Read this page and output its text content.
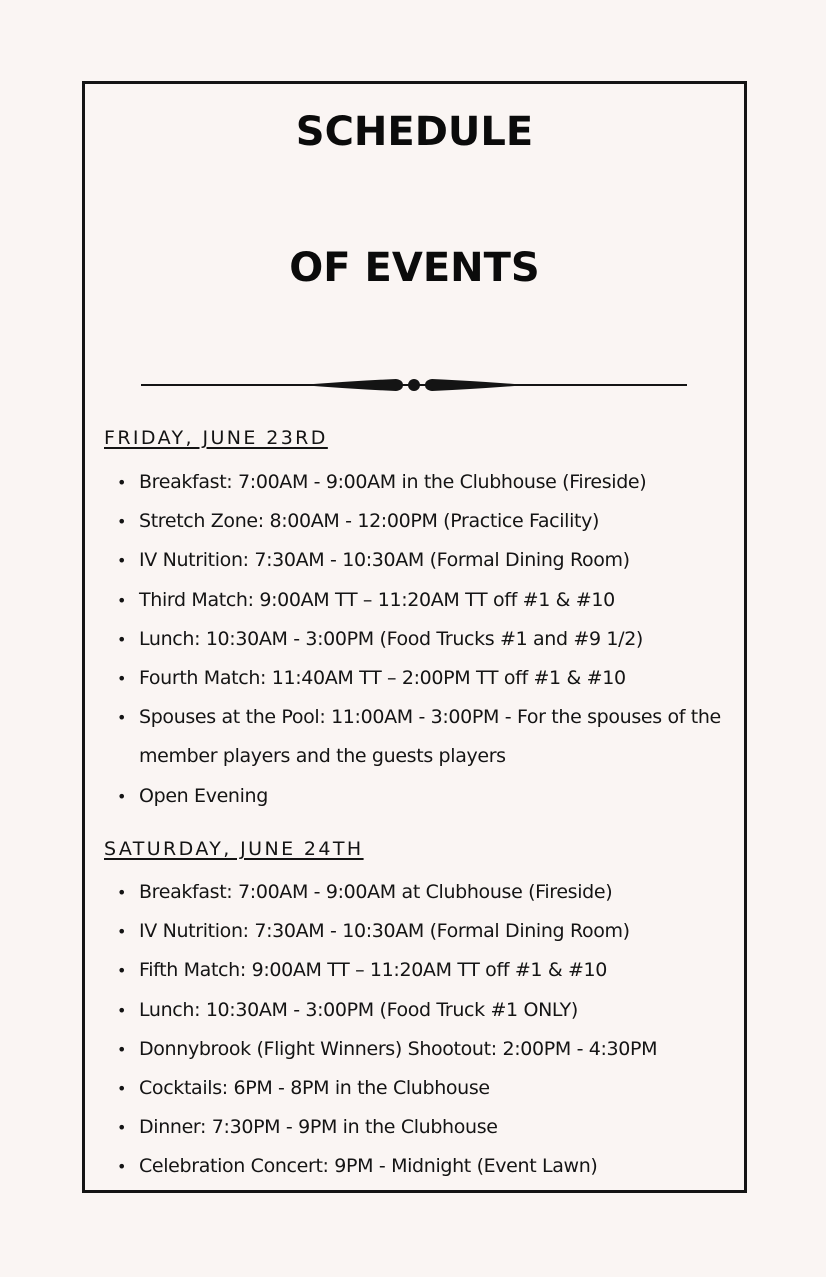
SCHEDULE
OF EVENTS
FRIDAY, JUNE 23RD
• Breakfast: 7:00AM - 9:00AM in the Clubhouse (Fireside)
• Stretch Zone: 8:00AM - 12:00PM (Practice Facility)
• IV Nutrition: 7:30AM - 10:30AM (Formal Dining Room)
• Third Match: 9:00AM TT – 11:20AM TT off #1 & #10
• Lunch: 10:30AM - 3:00PM (Food Trucks #1 and #9 1/2)
• Fourth Match: 11:40AM TT – 2:00PM TT off #1 & #10
• Spouses at the Pool: 11:00AM - 3:00PM - For the spouses of the member players and the guests players
• Open Evening
SATURDAY, JUNE 24TH
• Breakfast: 7:00AM - 9:00AM at Clubhouse (Fireside)
• IV Nutrition: 7:30AM - 10:30AM (Formal Dining Room)
• Fifth Match: 9:00AM TT – 11:20AM TT off #1 & #10
• Lunch: 10:30AM - 3:00PM (Food Truck #1 ONLY)
• Donnybrook (Flight Winners) Shootout: 2:00PM - 4:30PM
• Cocktails: 6PM - 8PM in the Clubhouse
• Dinner: 7:30PM - 9PM in the Clubhouse
• Celebration Concert: 9PM - Midnight (Event Lawn)
